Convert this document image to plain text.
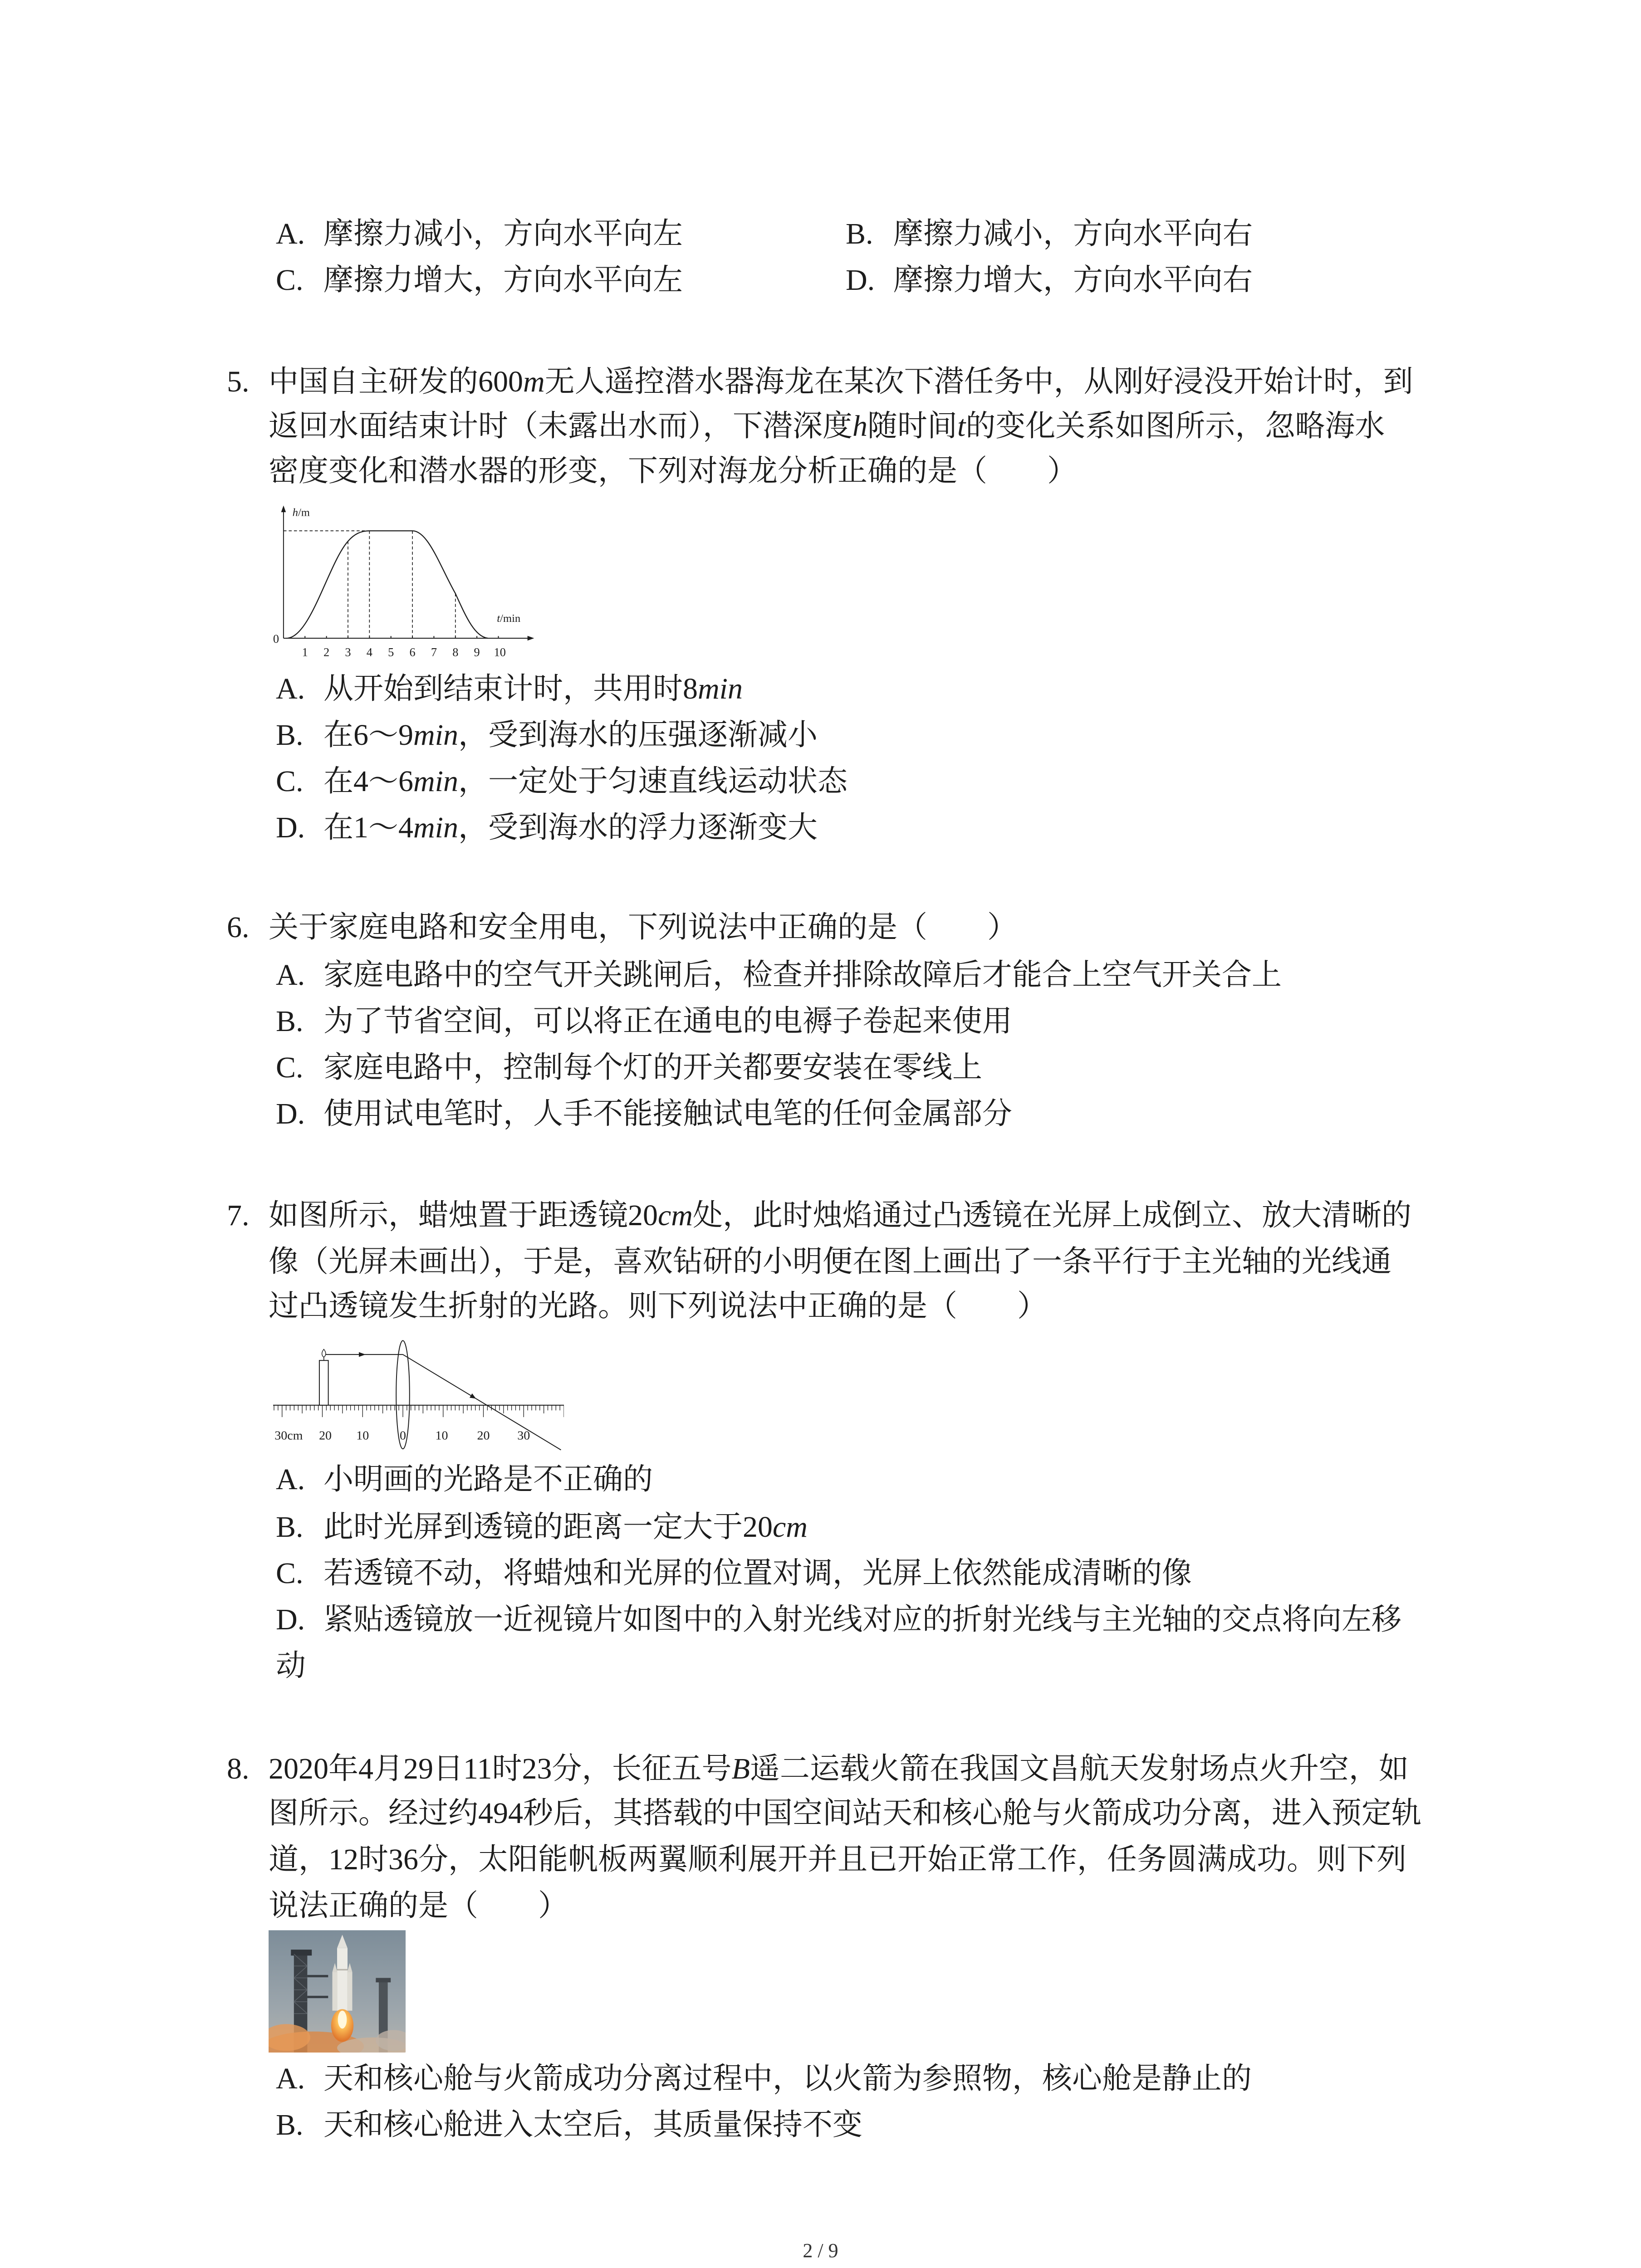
A. 摩擦力减小，方向水平向左	B. 摩擦力减小，方向水平向右
C. 摩擦力增大，方向水平向左	D. 摩擦力增大，方向水平向右
5. 中国自主研发的600m无人遥控潜水器海龙在某次下潜任务中，从刚好浸没开始计时，到
返回水面结束计时（未露出水而），下潜深度h随时间t的变化关系如图所示，忽略海水
密度变化和潜水器的形变，下列对海龙分析正确的是（　　）
h/m
t/min
0
1	2	3	4	5	6	7	8	9	10
A. 从开始到结束计时，共用时8min
B. 在6～9min，受到海水的压强逐渐减小
C. 在4～6min，一定处于匀速直线运动状态
D. 在1～4min，受到海水的浮力逐渐变大
6. 关于家庭电路和安全用电，下列说法中正确的是（　　）
A. 家庭电路中的空气开关跳闸后，检查并排除故障后才能合上空气开关合上
B. 为了节省空间，可以将正在通电的电褥子卷起来使用
C. 家庭电路中，控制每个灯的开关都要安装在零线上
D. 使用试电笔时，人手不能接触试电笔的任何金属部分
7. 如图所示，蜡烛置于距透镜20cm处，此时烛焰通过凸透镜在光屏上成倒立、放大清晰的
像（光屏未画出），于是，喜欢钻研的小明便在图上画出了一条平行于主光轴的光线通
过凸透镜发生折射的光路。则下列说法中正确的是（　　）
30cm	20	10	0	10	20	30
A. 小明画的光路是不正确的
B. 此时光屏到透镜的距离一定大于20cm
C. 若透镜不动，将蜡烛和光屏的位置对调，光屏上依然能成清晰的像
D. 紧贴透镜放一近视镜片如图中的入射光线对应的折射光线与主光轴的交点将向左移
动
8. 2020年4月29日11时23分，长征五号B遥二运载火箭在我国文昌航天发射场点火升空，如
图所示。经过约494秒后，其搭载的中国空间站天和核心舱与火箭成功分离，进入预定轨
道，12时36分，太阳能帆板两翼顺利展开并且已开始正常工作，任务圆满成功。则下列
说法正确的是（　　）
A. 天和核心舱与火箭成功分离过程中，以火箭为参照物，核心舱是静止的
B. 天和核心舱进入太空后，其质量保持不变
2 / 9
